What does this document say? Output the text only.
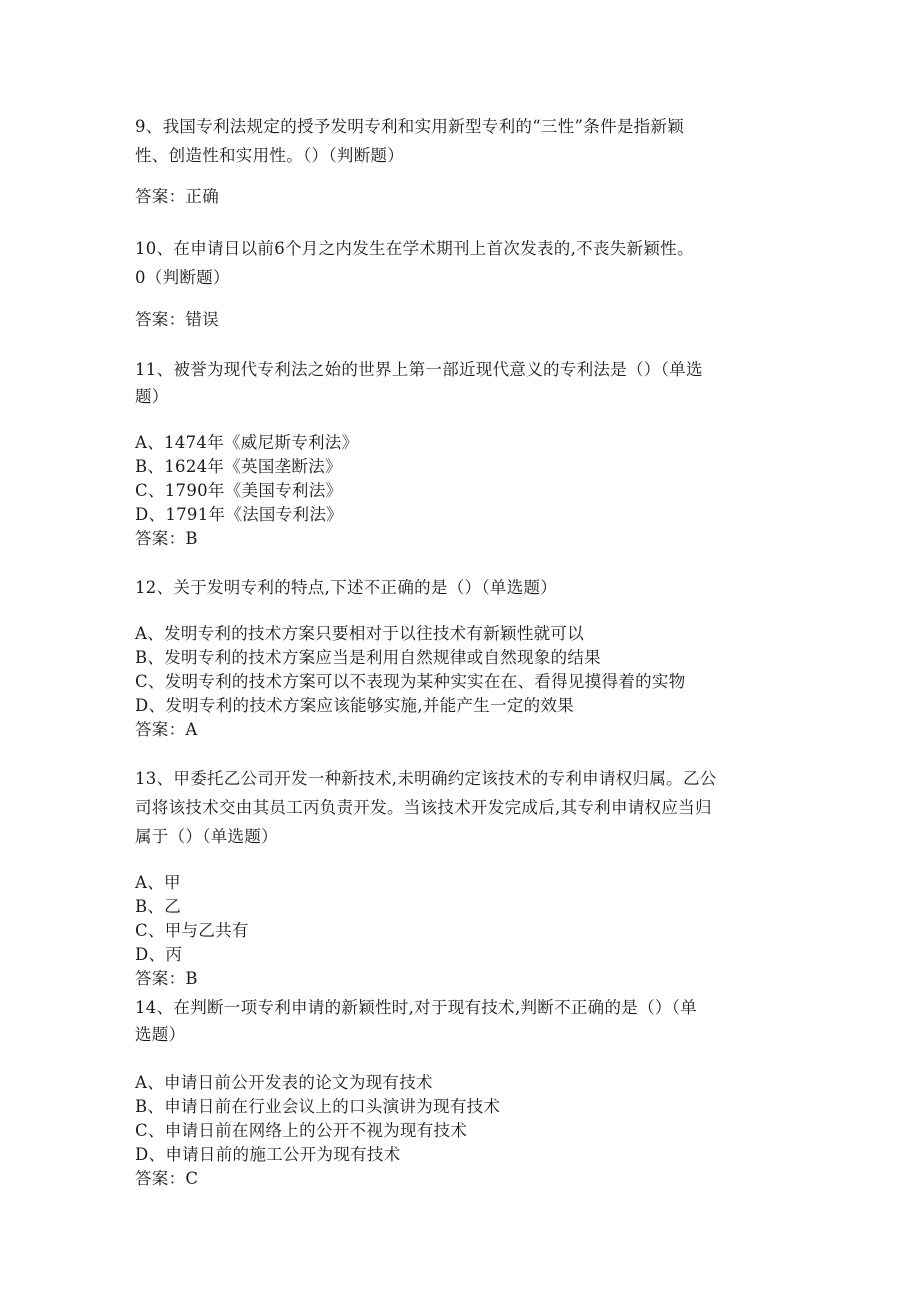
9、我国专利法规定的授予发明专利和实用新型专利的“三性”条件是指新颖
性、创造性和实用性。（）（判断题）
答案：正确
10、在申请日以前6个月之内发生在学术期刊上首次发表的,不丧失新颖性。
0（判断题）
答案：错误
11、被誉为现代专利法之始的世界上第一部近现代意义的专利法是（）（单选
题）
A、1474年《威尼斯专利法》
B、1624年《英国垄断法》
C、1790年《美国专利法》
D、1791年《法国专利法》
答案：B
12、关于发明专利的特点,下述不正确的是（）（单选题）
A、发明专利的技术方案只要相对于以往技术有新颖性就可以
B、发明专利的技术方案应当是利用自然规律或自然现象的结果
C、发明专利的技术方案可以不表现为某种实实在在、看得见摸得着的实物
D、发明专利的技术方案应该能够实施,并能产生一定的效果
答案：A
13、甲委托乙公司开发一种新技术,未明确约定该技术的专利申请权归属。乙公
司将该技术交由其员工丙负责开发。当该技术开发完成后,其专利申请权应当归
属于（）（单选题）
A、甲
B、乙
C、甲与乙共有
D、丙
答案：B
14、在判断一项专利申请的新颖性时,对于现有技术,判断不正确的是（）（单
选题）
A、申请日前公开发表的论文为现有技术
B、申请日前在行业会议上的口头演讲为现有技术
C、申请日前在网络上的公开不视为现有技术
D、申请日前的施工公开为现有技术
答案：C
